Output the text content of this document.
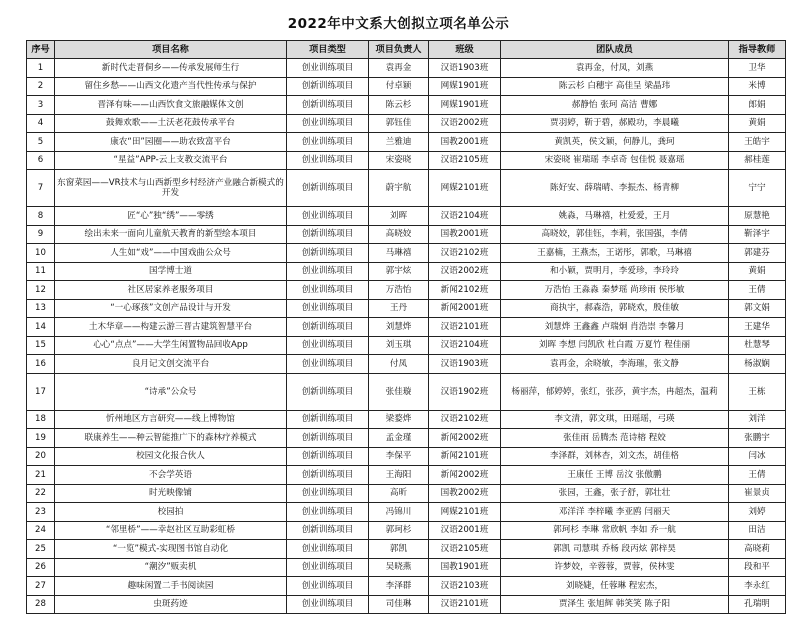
2022年中文系大创拟立项名单公示
序号	项目名称	项目类型	项目负责人	班级	团队成员	指导教师
1	新时代走晋侗乡——传承发展师生行	创业训练项目	袁再金	汉语1903班	袁再金，付凤，刘燕	卫华
2	留住乡愁——山西文化遗产当代性传承与保护	创新训练项目	付卓颖	网媒1901班	陈云杉 白穗宇 高佳呈 梁晶玮	米博
3	晋泽有味——山西饮食文旅融媒体文创	创新训练项目	陈云杉	网媒1901班	郝静怡 张珂 高洁 曹娜	郎娟
4	鼓舞欢歌——土沃老花鼓传承平台	创业训练项目	郭钰佳	汉语2002班	贾羽婷，靳于碧，郝殿功，李晨曦	黄娟
5	康农“田”园圈——助农致富平台	创业训练项目	兰雅迪	国教2001班	黄凯英，侯文颖，何静儿，龚珂	王皓宇
6	“星益”APP-云上支教交流平台	创业训练项目	宋姿晓	汉语2105班	宋姿晓 崔瑞瑶 李卓奇 包佳悦 聂嘉瑶	郝桂莲
7	东窗菜园——VR技术与山西新型乡村经济产业融合新模式的开发	创新训练项目	蔚宇航	网媒2101班	陈好安、薛瑞晴、李振杰、杨青柳	宁宁
8	匠“心”独“绣”——零绣	创业训练项目	刘晖	汉语2104班	姚淼，马琳禧，杜爱爱，王月	原慧艳
9	绘出未来一面向儿童航天教育的新型绘本项目	创新训练项目	高晓姣	国教2001班	高晓姣，郭佳钰，李莉，张国强，李倩	靳泽宇
10	人生如“戏”——中国戏曲公众号	创新训练项目	马琳禧	汉语2102班	王嘉楠，王燕杰，王诺彤，郭歌，马琳禧	郭建芬
11	国学博士道	创业训练项目	郭宇炫	汉语2002班	和小颖，贾明月，李爱珍，李玲玲	黄娟
12	社区居家养老服务项目	创业训练项目	万浩怡	新闻2102班	万浩怡 王淼淼 秦梦瑶 尚珍雨 侯彤敏	王倩
13	“一心琢孩”文创产品设计与开发	创业训练项目	王丹	新闻2001班	商执宇，郝森浩，郭晓欢，殷佳敏	郭文娟
14	土木华章——构建云游三晋古建筑智慧平台	创新训练项目	刘慧烨	汉语2101班	刘慧烨 王鑫鑫 卢瑞炯 肖浩崇 李馨月	王建华
15	心心“点点”——大学生闲置物品回收App	创业训练项目	刘玉琪	汉语2104班	刘晖 李想 闫凯欣 杜白霞 万夏竹 程佳丽	杜慧琴
16	良月记文创交流平台	创业训练项目	付凤	汉语1903班	袁再金，余晓敏，李海璀，张文静	杨淑娴
17	“诗承”公众号	创新训练项目	张佳璇	汉语1902班	杨丽萍，郁婷婷，张红，张莎，黄宇杰，冉超杰，温莉	王栋
18	忻州地区方言研究——线上博物馆	创新训练项目	梁婺烨	汉语2102班	李文清，郭文琪，田瑶瑶，弓瑛	刘洋
19	联康养生——种云智能推广下的森林疗养模式	创新训练项目	孟金瑾	新闻2002班	张佳雨 岳腾杰 范诗榕 程姣	张鹏宇
20	校园文化报合伙人	创新训练项目	李保平	新闻2101班	李泽群，刘林杏，刘文杰，胡佳格	闫冰
21	不会学英语	创新训练项目	王海阳	新闻2002班	王康任 王博 岳汶 张傲鹏	王倩
22	时光映像铺	创业训练项目	高昕	国教2002班	张园，王鑫，张子舒，郭壮壮	崔景贞
23	校园拍	创业训练项目	冯锦川	网媒2101班	邓洋洋 李梓曦 李亚鸥 闫丽天	刘婷
24	“邻里桥”——幸赵社区互助彩虹桥	创新训练项目	郭珂杉	汉语2001班	郭珂杉 李琳 常欣帆 李如 乔一航	田洁
25	“一览”模式-实现图书馆自动化	创业训练项目	郭凯	汉语2105班	郭凯 司慧琪 乔杨 段丙炫 郭梓昊	高晓莉
26	“潮汐”贩卖机	创业训练项目	吴晓燕	国教1901班	许梦姣，辛蓉蓉，贾蓉，侯林雯	段和平
27	趣味闲置二手书阅读园	创业训练项目	李泽群	汉语2103班	刘晓婕，任蓉琳 程宏杰，	李永红
28	虫斑药迹	创业训练项目	司佳琳	汉语2101班	贾泽生 张旭辉 韩笑笑 陈子阳	孔瑞明
